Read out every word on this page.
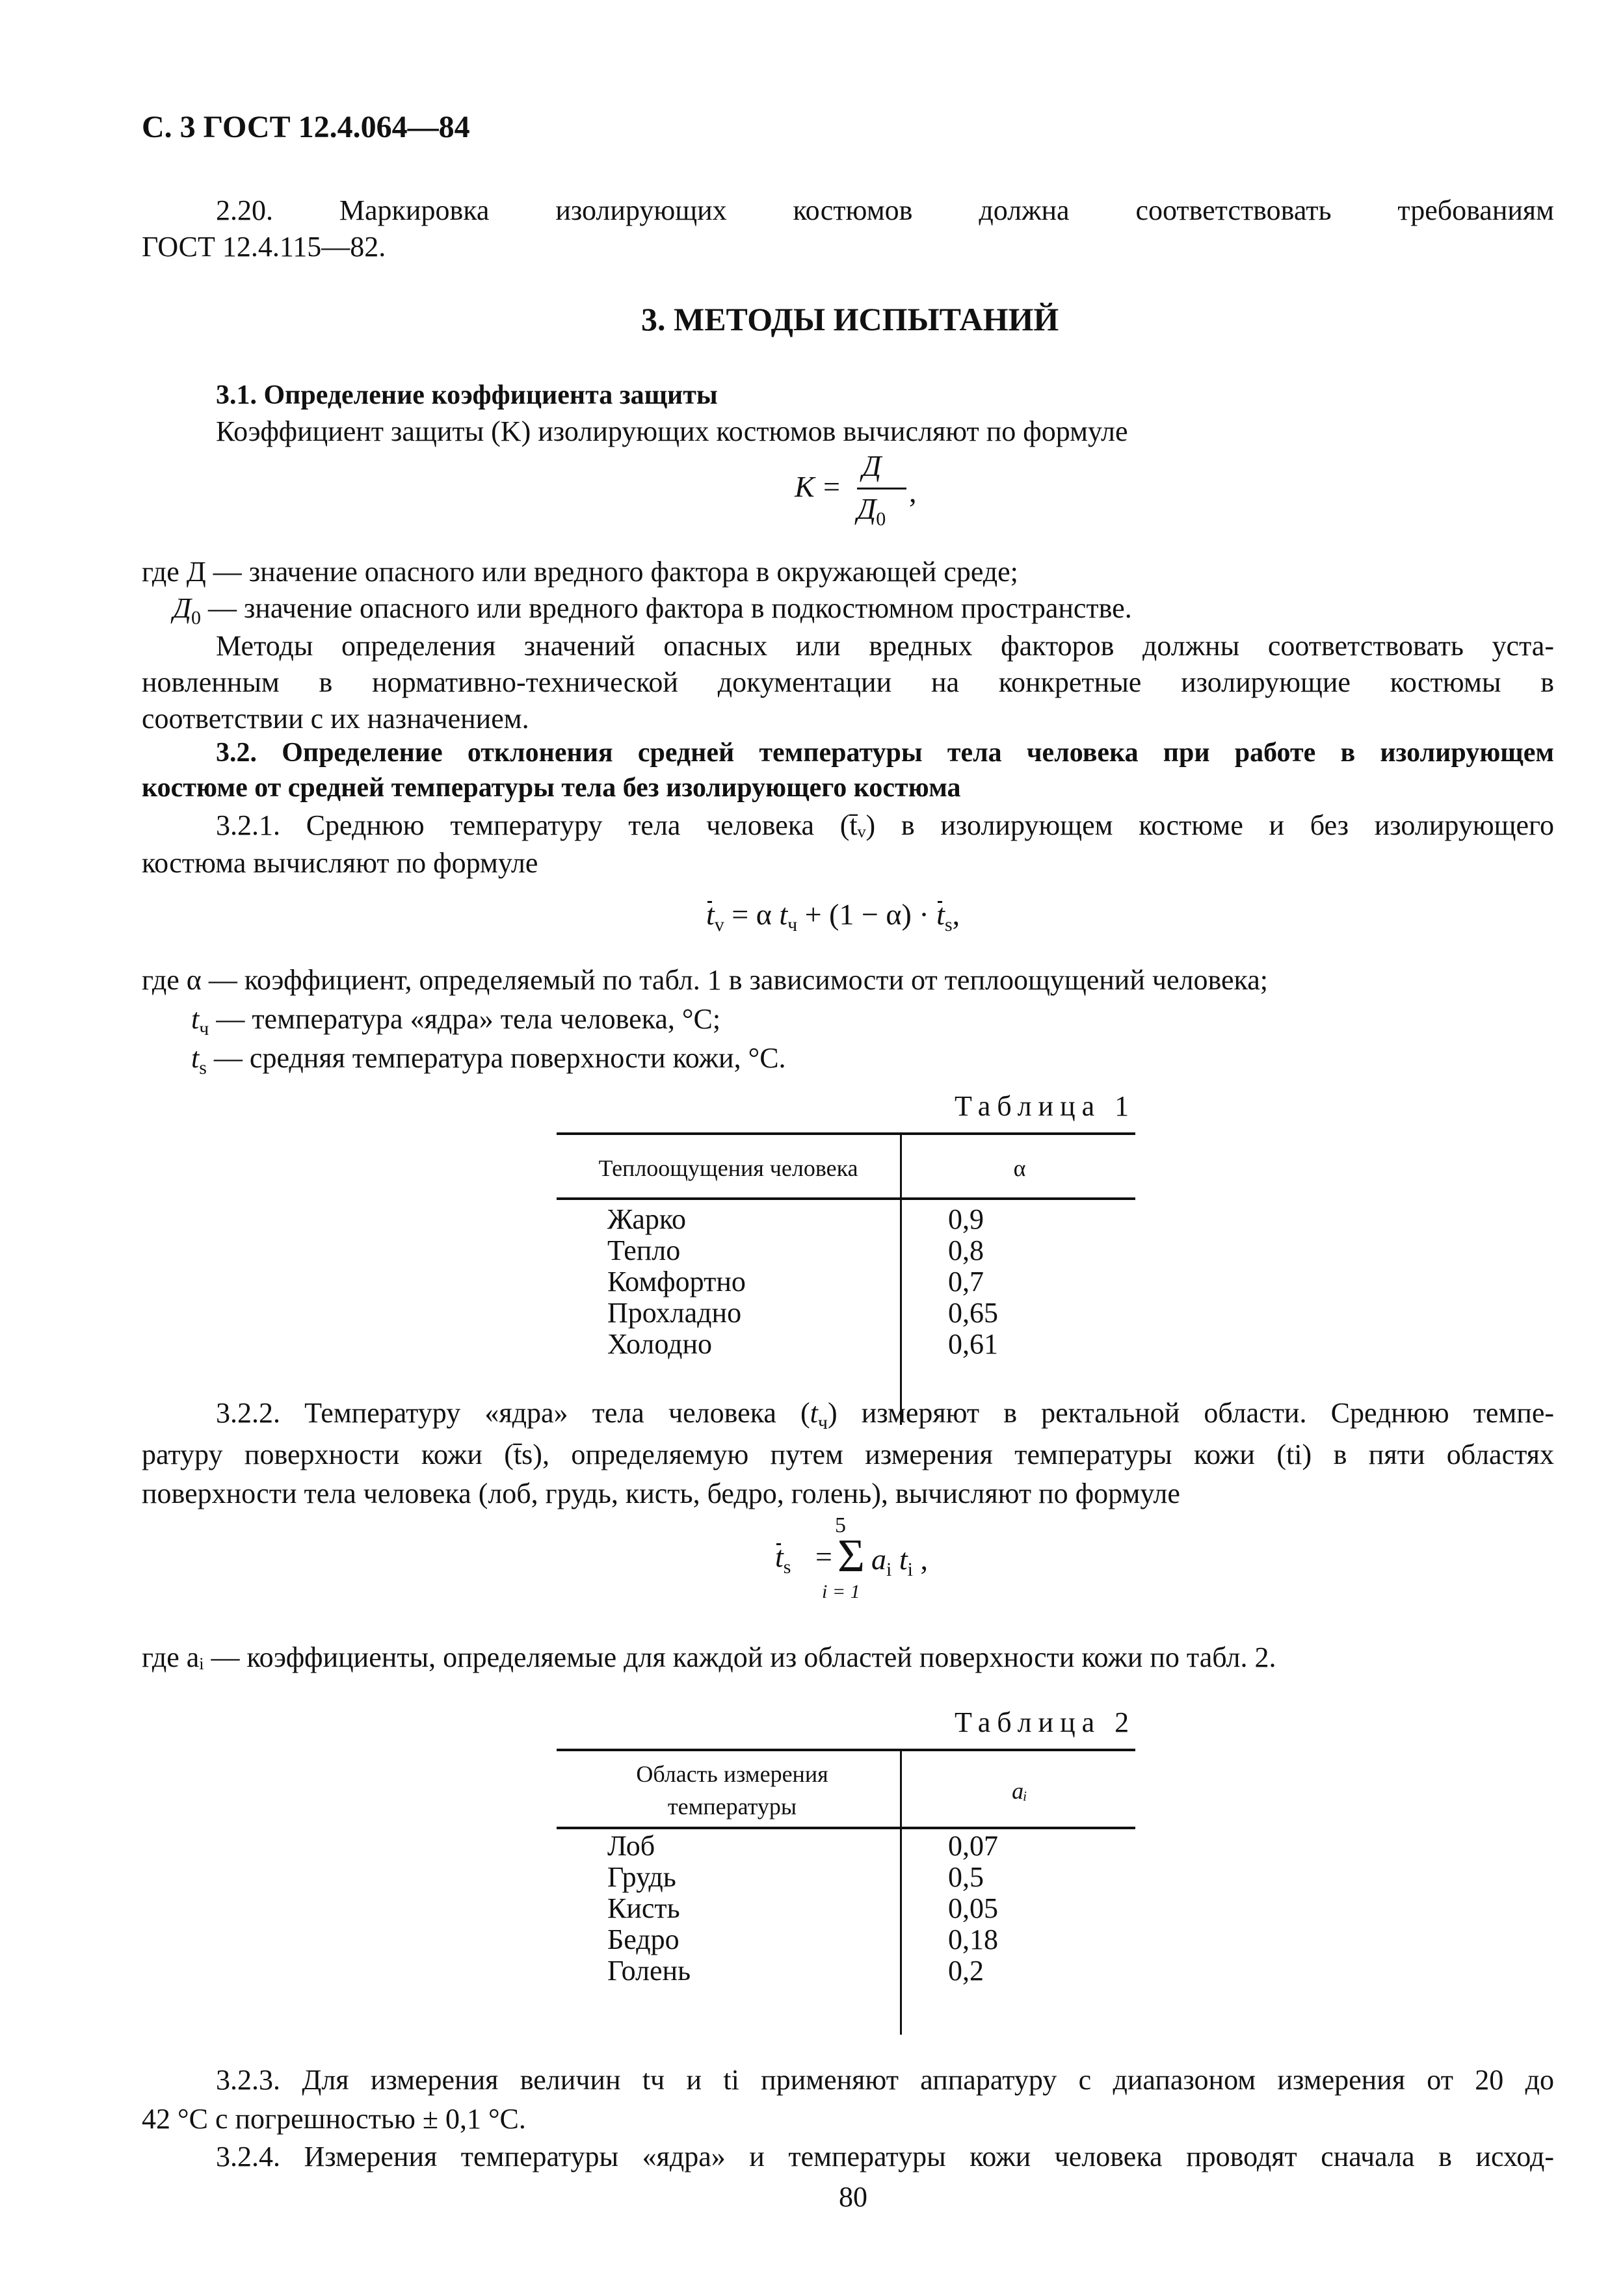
С. 3 ГОСТ 12.4.064—84
2.20. Маркировка изолирующих костюмов должна соответствовать требованиям
ГОСТ 12.4.115—82.
3. МЕТОДЫ ИСПЫТАНИЙ
3.1. Определение коэффициента защиты
Коэффициент защиты (K) изолирующих костюмов вычисляют по формуле
K =
Д
$Д_0$
,
где Д — значение опасного или вредного фактора в окружающей среде;
$Д_0$ — значение опасного или вредного фактора в подкостюмном пространстве.
Методы определения значений опасных или вредных факторов должны соответствовать уста-
новленным в нормативно-технической документации на конкретные изолирующие костюмы в
соответствии с их назначением.
3.2. Определение отклонения средней температуры тела человека при работе в изолирующем
костюме от средней температуры тела без изолирующего костюма
3.2.1. Среднюю температуру тела человека (t̄ᵥ) в изолирующем костюме и без изолирующего
костюма вычисляют по формуле
$t_v = \alpha$ $t_ч + (1 - \alpha) \cdot t_s$,
где α — коэффициент, определяемый по табл. 1 в зависимости от теплоощущений человека;
$t_ч$ — температура «ядра» тела человека, °C;
$t_s$ — средняя температура поверхности кожи, °C.
Таблица 1
Теплоощущения человека	α
Жарко	0,9
Тепло	0,8
Комфортно	0,7
Прохладно	0,65
Холодно	0,61
3.2.2. Температуру «ядра» тела человека $(t_ч)$ измеряют в ректальной области. Среднюю темпе-
ратуру поверхности кожи (t̄s), определяемую путем измерения температуры кожи (ti) в пяти областях
поверхности тела человека (лоб, грудь, кисть, бедро, голень), вычисляют по формуле
$t_s$ =
5
Σ
i = 1
$a_i$ $t_i$ ,
где aᵢ — коэффициенты, определяемые для каждой из областей поверхности кожи по табл. 2.
Таблица 2
Область измерения температуры
aᵢ
Лоб	0,07
Грудь	0,5
Кисть	0,05
Бедро	0,18
Голень	0,2
3.2.3. Для измерения величин tч и ti применяют аппаратуру с диапазоном измерения от 20 до
42 °C с погрешностью ± 0,1 °C.
3.2.4. Измерения температуры «ядра» и температуры кожи человека проводят сначала в исход-
80
